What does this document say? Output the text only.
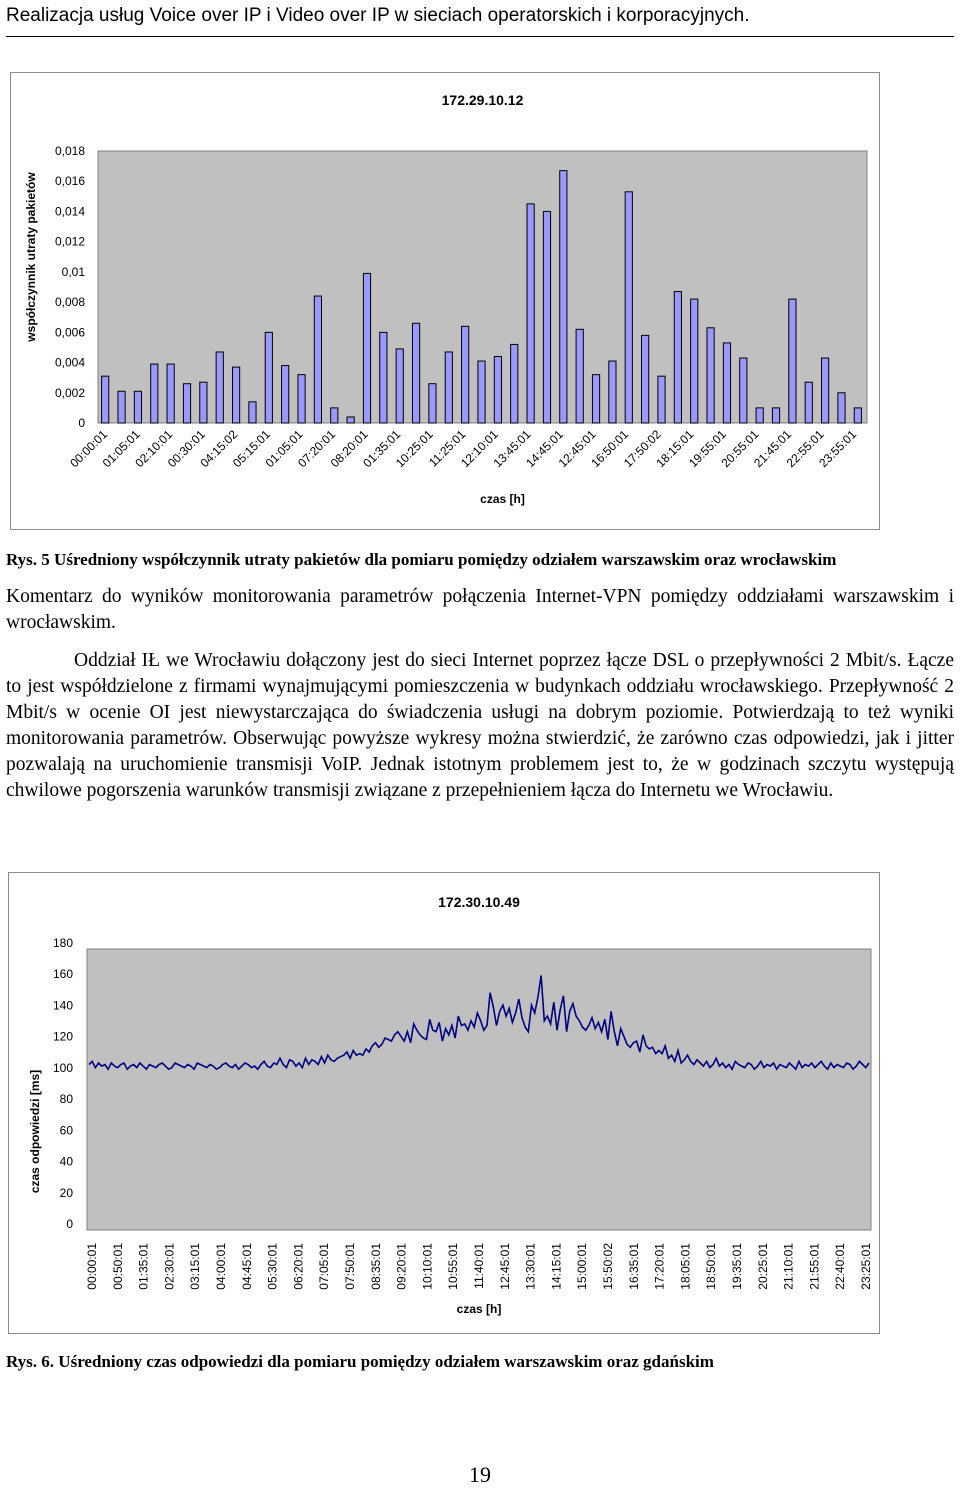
Realizacja usług Voice over IP i Video over IP w sieciach operatorskich i korporacyjnych.
172.29.10.12
0
0,002
0,004
0,006
0,008
0,01
0,012
0,014
0,016
0,018
00:00:01
01:05:01
02:10:01
00:30:01
04:15:02
05:15:01
01:05:01
07:20:01
08:20:01
01:35:01
10:25:01
11:25:01
12:10:01
13:45:01
14:45:01
12:45:01
16:50:01
17:50:02
18:15:01
19:55:01
20:55:01
21:45:01
22:55:01
23:55:01
czas [h]
współczynnik utraty pakietów
Rys. 5 Uśredniony współczynnik utraty pakietów dla pomiaru pomiędzy odziałem warszawskim oraz wrocławskim

Komentarz do wyników monitorowania parametrów połączenia Internet-VPN pomiędzy oddziałami warszawskim i wrocławskim.

Oddział IŁ we Wrocławiu dołączony jest do sieci Internet poprzez łącze DSL o przepływności 2 Mbit/s. Łącze to jest współdzielone z firmami wynajmującymi pomieszczenia w budynkach oddziału wrocławskiego. Przepływność 2 Mbit/s w ocenie OI jest niewystarczająca do świadczenia usługi na dobrym poziomie. Potwierdzają to też wyniki monitorowania parametrów. Obserwując powyższe wykresy można stwierdzić, że zarówno czas odpowiedzi, jak i jitter pozwalają na uruchomienie transmisji VoIP. Jednak istotnym problemem jest to, że w godzinach szczytu występują chwilowe pogorszenia warunków transmisji związane z przepełnieniem łącza do Internetu we Wrocławiu.

172.30.10.49
0
20
40
60
80
100
120
140
160
180
00:00:01 00:50:01 01:35:01 02:30:01 03:15:01 04:00:01 04:45:01 05:30:01 06:20:01 07:05:01 07:50:01 08:35:01 09:20:01 10:10:01 10:55:01 11:40:01 12:45:01 13:30:01 14:15:01 15:00:01 15:50:02 16:35:01 17:20:01 18:05:01 18:50:01 19:35:01 20:25:01 21:10:01 21:55:01 22:40:01 23:25:01
czas [h]
czas odpowiedzi [ms]
Rys. 6. Uśredniony czas odpowiedzi dla pomiaru pomiędzy odziałem warszawskim oraz gdańskim
19
